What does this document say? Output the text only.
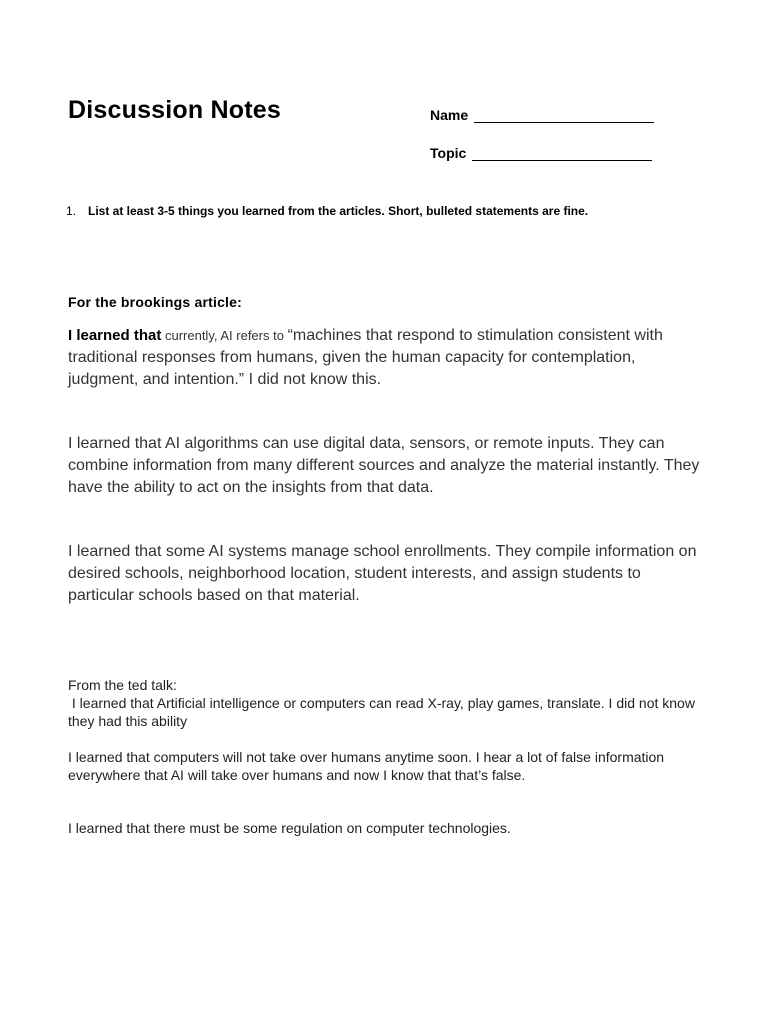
Discussion Notes	Name
Topic
1. List at least 3-5 things you learned from the articles. Short, bulleted statements are fine.
For the brookings article:
I learned that currently, AI refers to “machines that respond to stimulation consistent with traditional responses from humans, given the human capacity for contemplation, judgment, and intention.” I did not know this.
I learned that AI algorithms can use digital data, sensors, or remote inputs. They can combine information from many different sources and analyze the material instantly. They have the ability to act on the insights from that data.
I learned that some AI systems manage school enrollments. They compile information on desired schools, neighborhood location, student interests, and assign students to particular schools based on that material.
From the ted talk:
I learned that Artificial intelligence or computers can read X-ray, play games, translate. I did not know they had this ability
I learned that computers will not take over humans anytime soon. I hear a lot of false information everywhere that AI will take over humans and now I know that that’s false.
I learned that there must be some regulation on computer technologies.
